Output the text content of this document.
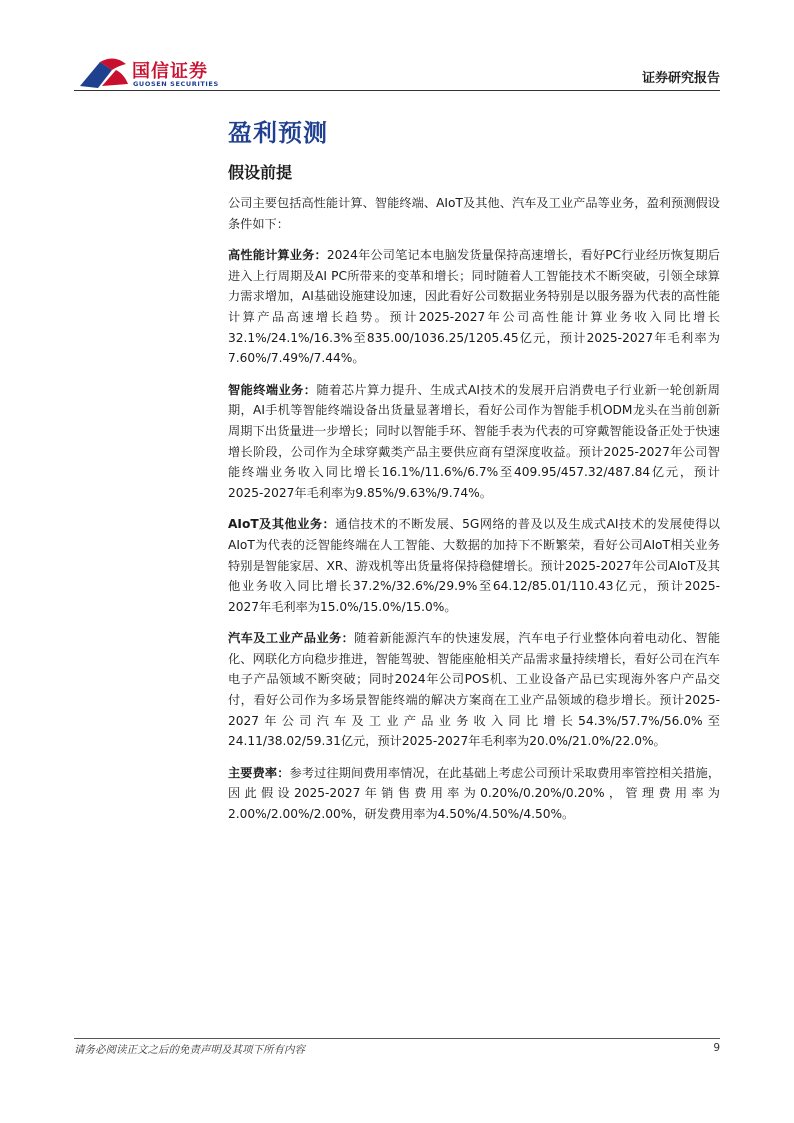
国信证券
GUOSEN SECURITIES	证券研究报告
盈利预测
假设前提

公司主要包括高性能计算、智能终端、AIoT及其他、汽车及工业产品等业务，盈利预测假设条件如下：

高性能计算业务：2024年公司笔记本电脑发货量保持高速增长，看好PC行业经历恢复期后进入上行周期及AI PC所带来的变革和增长；同时随着人工智能技术不断突破，引领全球算力需求增加，AI基础设施建设加速，因此看好公司数据业务特别是以服务器为代表的高性能计算产品高速增长趋势。预计2025-2027年公司高性能计算业务收入同比增长32.1%/24.1%/16.3%至835.00/1036.25/1205.45亿元，预计2025-2027年毛利率为7.60%/7.49%/7.44%。

智能终端业务：随着芯片算力提升、生成式AI技术的发展开启消费电子行业新一轮创新周期，AI手机等智能终端设备出货量显著增长，看好公司作为智能手机ODM龙头在当前创新周期下出货量进一步增长；同时以智能手环、智能手表为代表的可穿戴智能设备正处于快速增长阶段，公司作为全球穿戴类产品主要供应商有望深度收益。预计2025-2027年公司智能终端业务收入同比增长16.1%/11.6%/6.7%至409.95/457.32/487.84亿元，预计2025-2027年毛利率为9.85%/9.63%/9.74%。

AIoT及其他业务：通信技术的不断发展、5G网络的普及以及生成式AI技术的发展使得以AIoT为代表的泛智能终端在人工智能、大数据的加持下不断繁荣，看好公司AIoT相关业务特别是智能家居、XR、游戏机等出货量将保持稳健增长。预计2025-2027年公司AIoT及其他业务收入同比增长37.2%/32.6%/29.9%至64.12/85.01/110.43亿元，预计2025-2027年毛利率为15.0%/15.0%/15.0%。

汽车及工业产品业务：随着新能源汽车的快速发展，汽车电子行业整体向着电动化、智能化、网联化方向稳步推进，智能驾驶、智能座舱相关产品需求量持续增长，看好公司在汽车电子产品领域不断突破；同时2024年公司POS机、工业设备产品已实现海外客户产品交付，看好公司作为多场景智能终端的解决方案商在工业产品领域的稳步增长。预计2025-2027年公司汽车及工业产品业务收入同比增长54.3%/57.7%/56.0%至24.11/38.02/59.31亿元，预计2025-2027年毛利率为20.0%/21.0%/22.0%。

主要费率：参考过往期间费用率情况，在此基础上考虑公司预计采取费用率管控相关措施，因此假设2025-2027年销售费用率为0.20%/0.20%/0.20%，管理费用率为2.00%/2.00%/2.00%，研发费用率为4.50%/4.50%/4.50%。

请务必阅读正文之后的免责声明及其项下所有内容	9
